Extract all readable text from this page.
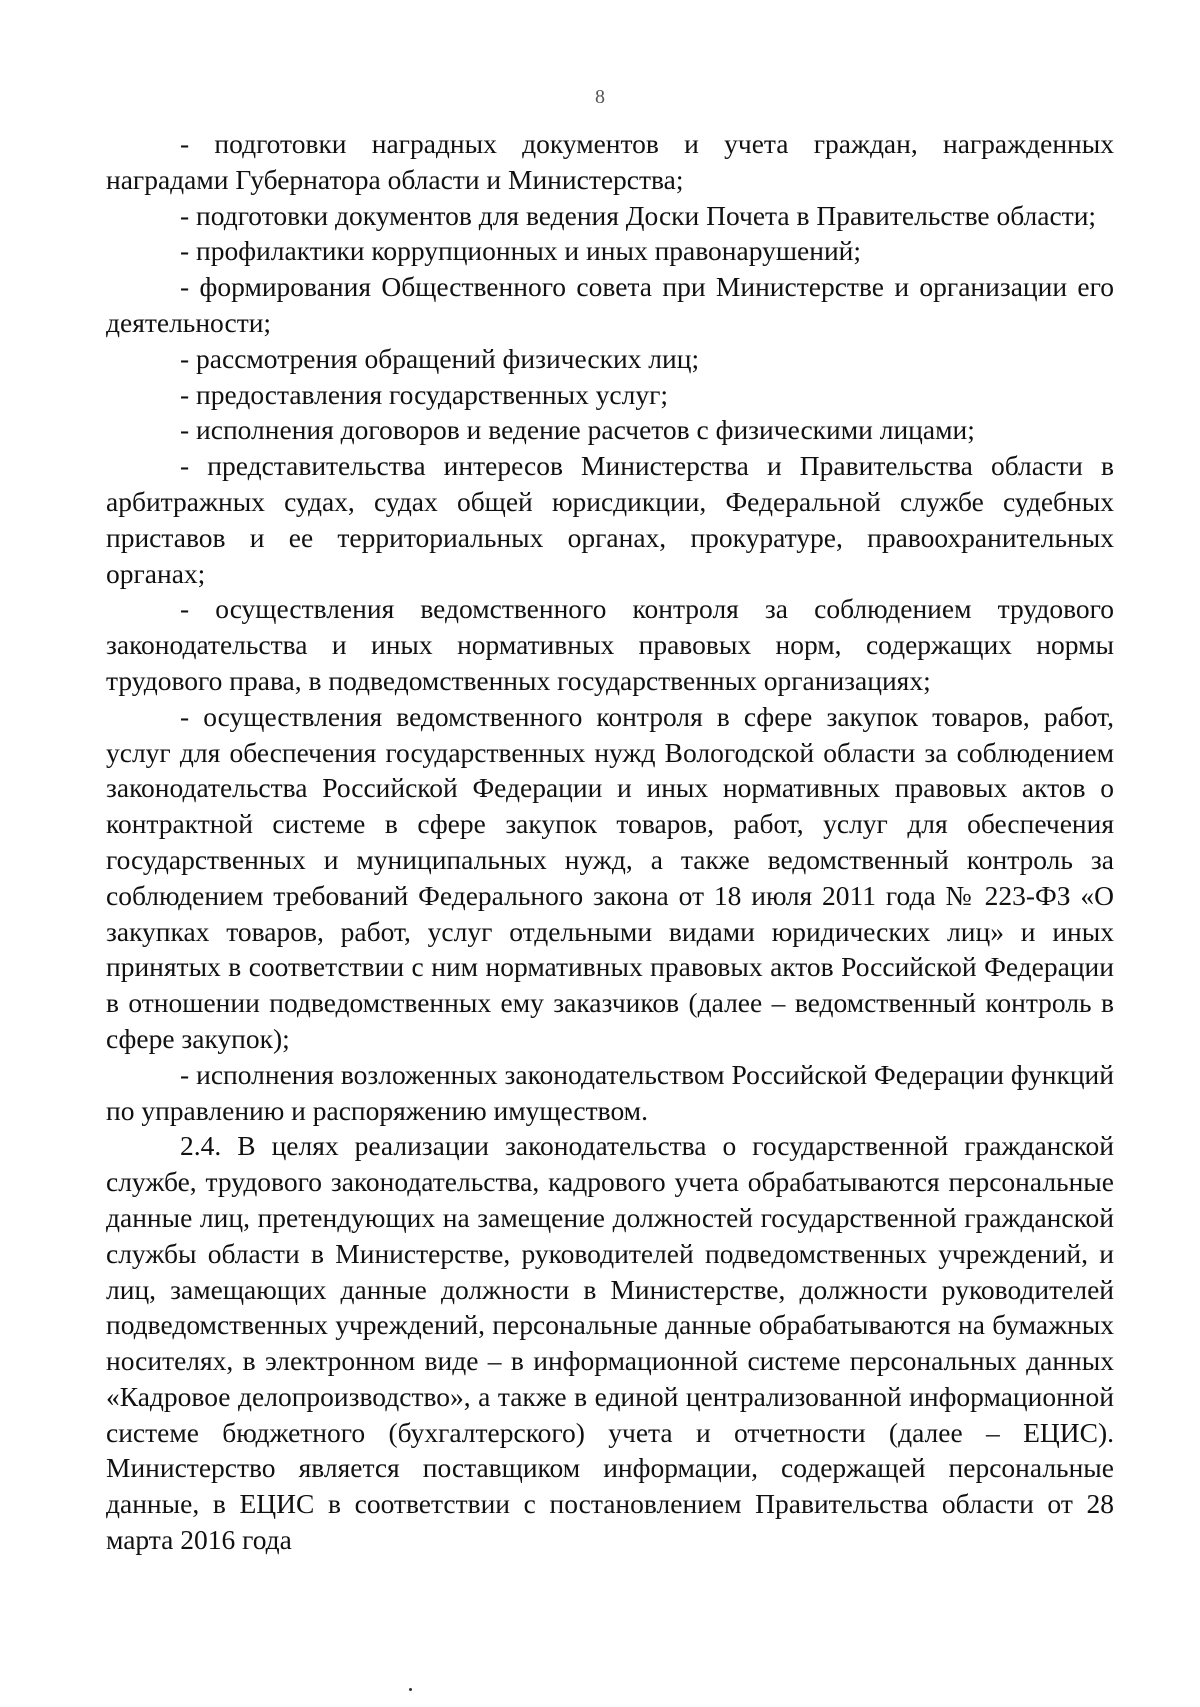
8

- подготовки наградных документов и учета граждан, награжденных наградами Губернатора области и Министерства;

- подготовки документов для ведения Доски Почета в Правительстве области;

- профилактики коррупционных и иных правонарушений;

- формирования Общественного совета при Министерстве и организации его деятельности;

- рассмотрения обращений физических лиц;

- предоставления государственных услуг;

- исполнения договоров и ведение расчетов с физическими лицами;

- представительства интересов Министерства и Правительства области в арбитражных судах, судах общей юрисдикции, Федеральной службе судебных приставов и ее территориальных органах, прокуратуре, правоохранительных органах;

- осуществления ведомственного контроля за соблюдением трудового законодательства и иных нормативных правовых норм, содержащих нормы трудового права, в подведомственных государственных организациях;

- осуществления ведомственного контроля в сфере закупок товаров, работ, услуг для обеспечения государственных нужд Вологодской области за соблюдением законодательства Российской Федерации и иных нормативных правовых актов о контрактной системе в сфере закупок товаров, работ, услуг для обеспечения государственных и муниципальных нужд, а также ведомственный контроль за соблюдением требований Федерального закона от 18 июля 2011 года № 223-ФЗ «О закупках товаров, работ, услуг отдельными видами юридических лиц» и иных принятых в соответствии с ним нормативных правовых актов Российской Федерации в отношении подведомственных ему заказчиков (далее – ведомственный контроль в сфере закупок);

- исполнения возложенных законодательством Российской Федерации функций по управлению и распоряжению имуществом.

2.4. В целях реализации законодательства о государственной гражданской службе, трудового законодательства, кадрового учета обрабатываются персональные данные лиц, претендующих на замещение должностей государственной гражданской службы области в Министерстве, руководителей подведомственных учреждений, и лиц, замещающих данные должности в Министерстве, должности руководителей подведомственных учреждений, персональные данные обрабатываются на бумажных носителях, в электронном виде – в информационной системе персональных данных «Кадровое делопроизводство», а также в единой централизованной информационной системе бюджетного (бухгалтерского) учета и отчетности (далее – ЕЦИС). Министерство является поставщиком информации, содержащей персональные данные, в ЕЦИС в соответствии с постановлением Правительства области от 28 марта 2016 года
